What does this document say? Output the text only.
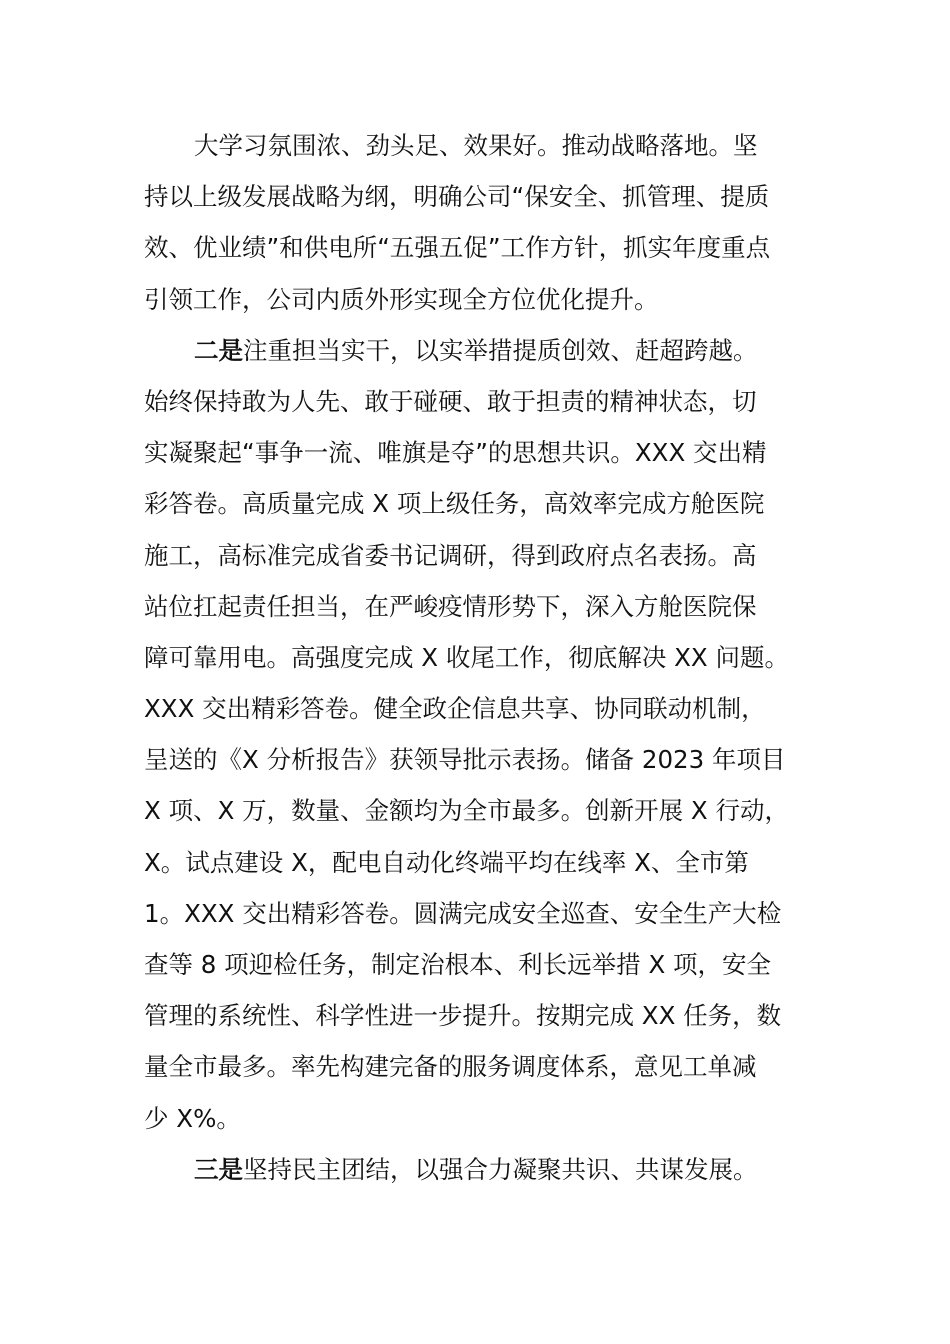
大学习氛围浓、劲头足、效果好。推动战略落地。坚
持以上级发展战略为纲，明确公司“保安全、抓管理、提质
效、优业绩”和供电所“五强五促”工作方针，抓实年度重点
引领工作，公司内质外形实现全方位优化提升。
二是注重担当实干，以实举措提质创效、赶超跨越。
始终保持敢为人先、敢于碰硬、敢于担责的精神状态，切
实凝聚起“事争一流、唯旗是夺”的思想共识。XXX 交出精
彩答卷。高质量完成 X 项上级任务，高效率完成方舱医院
施工，高标准完成省委书记调研，得到政府点名表扬。高
站位扛起责任担当，在严峻疫情形势下，深入方舱医院保
障可靠用电。高强度完成 X 收尾工作，彻底解决 XX 问题。
XXX 交出精彩答卷。健全政企信息共享、协同联动机制，
呈送的《X 分析报告》获领导批示表扬。储备 2023 年项目
X 项、X 万，数量、金额均为全市最多。创新开展 X 行动，
X。试点建设 X，配电自动化终端平均在线率 X、全市第
1。XXX 交出精彩答卷。圆满完成安全巡查、安全生产大检
查等 8 项迎检任务，制定治根本、利长远举措 X 项，安全
管理的系统性、科学性进一步提升。按期完成 XX 任务，数
量全市最多。率先构建完备的服务调度体系，意见工单减
少 X%。
三是坚持民主团结，以强合力凝聚共识、共谋发展。
